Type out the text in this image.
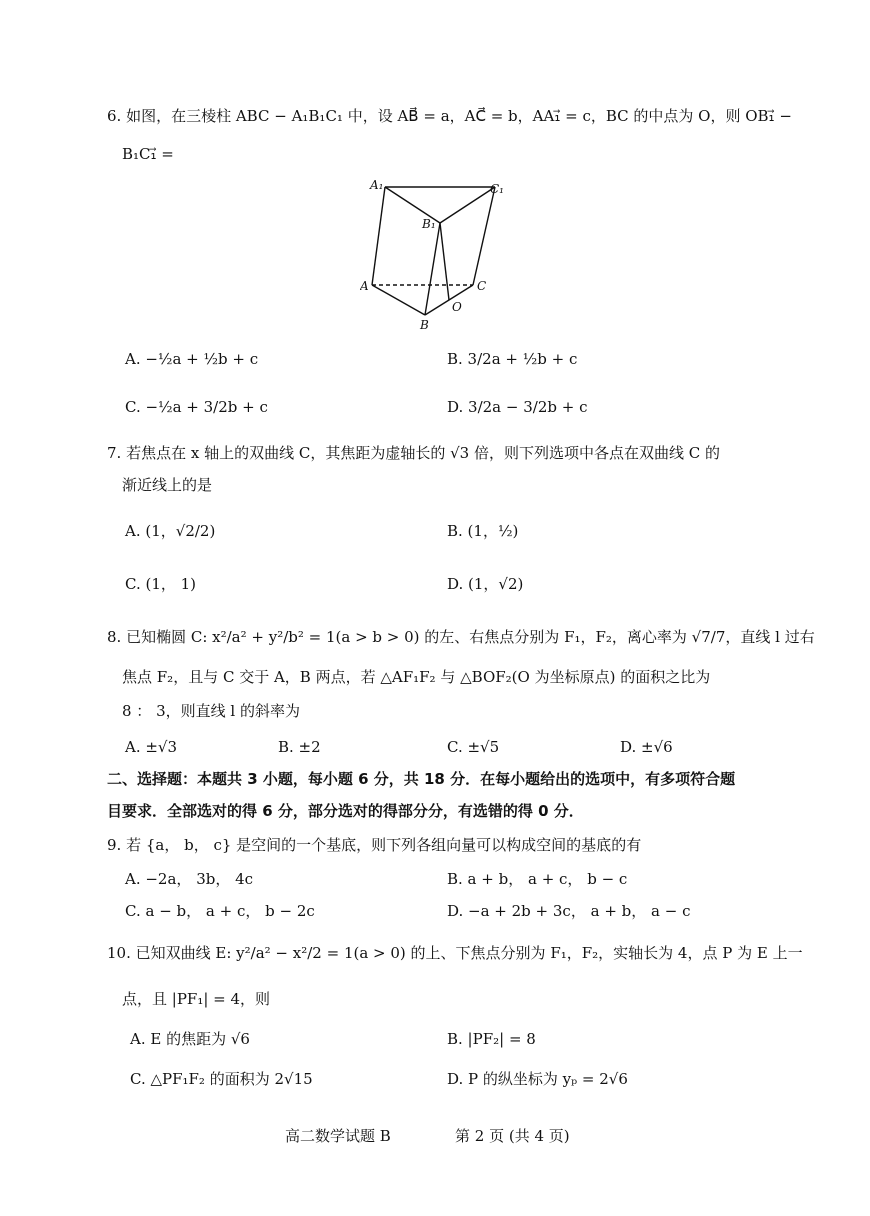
6. 如图，在三棱柱 ABC − A₁B₁C₁ 中，设 AB⃗ = a，AC⃗ = b，AA₁⃗ = c，BC 的中点为 O，则 OB₁⃗ −
B₁C₁⃗ =
A₁	C₁
B₁
A	C
B
O
A. −½a + ½b + c	B. 3/2a + ½b + c
C. −½a + 3/2b + c	D. 3/2a − 3/2b + c
7. 若焦点在 x 轴上的双曲线 C，其焦距为虚轴长的 √3 倍，则下列选项中各点在双曲线 C 的
渐近线上的是
A. (1，√2/2)	B. (1，½)
C. (1， 1)	D. (1，√2)
8. 已知椭圆 C: x²/a² + y²/b² = 1(a > b > 0) 的左、右焦点分别为 F₁，F₂，离心率为 √7/7，直线 l 过右
焦点 F₂，且与 C 交于 A，B 两点，若 △AF₁F₂ 与 △BOF₂(O 为坐标原点) 的面积之比为
8 ： 3，则直线 l 的斜率为
A. ±√3	B. ±2	C. ±√5	D. ±√6
二、选择题：本题共 3 小题，每小题 6 分，共 18 分．在每小题给出的选项中，有多项符合题
目要求．全部选对的得 6 分，部分选对的得部分分，有选错的得 0 分．
9. 若 {a， b， c} 是空间的一个基底，则下列各组向量可以构成空间的基底的有
A. −2a， 3b， 4c	B. a + b， a + c， b − c
C. a − b， a + c， b − 2c	D. −a + 2b + 3c， a + b， a − c
10. 已知双曲线 E: y²/a² − x²/2 = 1(a > 0) 的上、下焦点分别为 F₁，F₂，实轴长为 4，点 P 为 E 上一
点，且 |PF₁| = 4，则
A. E 的焦距为 √6	B. |PF₂| = 8
C. △PF₁F₂ 的面积为 2√15	D. P 的纵坐标为 yₚ = 2√6
高二数学试题 B	第 2 页 (共 4 页)
